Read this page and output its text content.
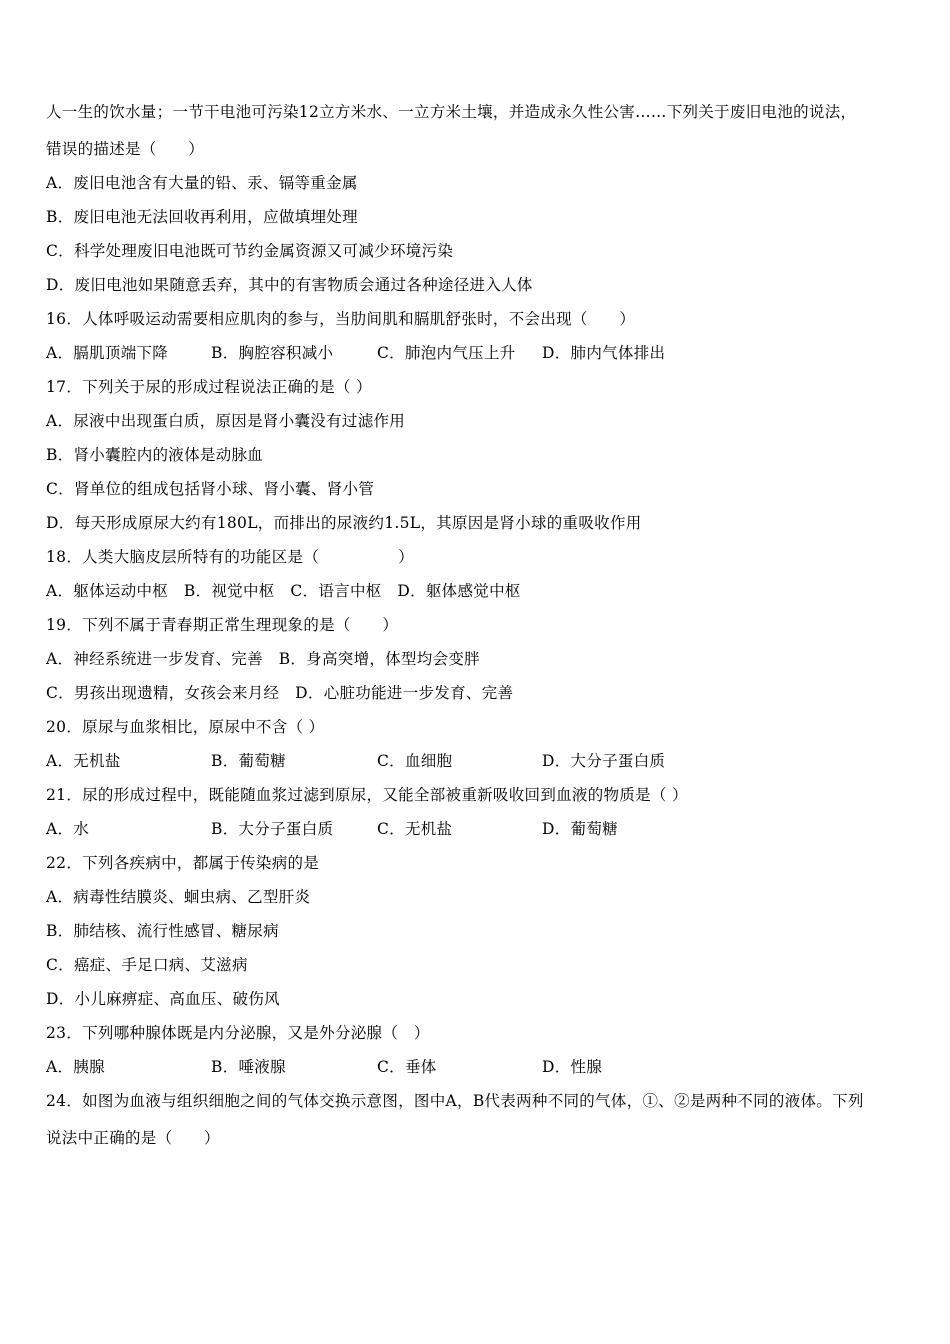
人一生的饮水量；一节干电池可污染12立方米水、一立方米土壤，并造成永久性公害……下列关于废旧电池的说法，
错误的描述是（　　）
A．废旧电池含有大量的铅、汞、镉等重金属
B．废旧电池无法回收再利用，应做填埋处理
C．科学处理废旧电池既可节约金属资源又可减少环境污染
D．废旧电池如果随意丢弃，其中的有害物质会通过各种途径进入人体
16．人体呼吸运动需要相应肌肉的参与，当肋间肌和膈肌舒张时，不会出现（　　）
A．膈肌顶端下降	B．胸腔容积减小	C．肺泡内气压上升 D．肺内气体排出
17．下列关于尿的形成过程说法正确的是（ ）
A．尿液中出现蛋白质，原因是肾小囊没有过滤作用
B．肾小囊腔内的液体是动脉血
C．肾单位的组成包括肾小球、肾小囊、肾小管
D．每天形成原尿大约有180L，而排出的尿液约1.5L，其原因是肾小球的重吸收作用
18．人类大脑皮层所特有的功能区是（　　　　　）
A．躯体运动中枢　B．视觉中枢　C．语言中枢　D．躯体感觉中枢
19．下列不属于青春期正常生理现象的是（　　）
A．神经系统进一步发育、完善　B．身高突增，体型均会变胖
C．男孩出现遗精，女孩会来月经　D．心脏功能进一步发育、完善
20．原尿与血浆相比，原尿中不含（ ）
A．无机盐	B．葡萄糖	C．血细胞	D．大分子蛋白质
21．尿的形成过程中，既能随血浆过滤到原尿，又能全部被重新吸收回到血液的物质是（ ）
A．水	B．大分子蛋白质	C．无机盐	D．葡萄糖
22．下列各疾病中，都属于传染病的是
A．病毒性结膜炎、蛔虫病、乙型肝炎
B．肺结核、流行性感冒、糖尿病
C．癌症、手足口病、艾滋病
D．小儿麻痹症、高血压、破伤风
23．下列哪种腺体既是内分泌腺，又是外分泌腺（　）
A．胰腺	B．唾液腺	C．垂体	D．性腺
24．如图为血液与组织细胞之间的气体交换示意图，图中A，B代表两种不同的气体，①、②是两种不同的液体。下列
说法中正确的是（　　）
